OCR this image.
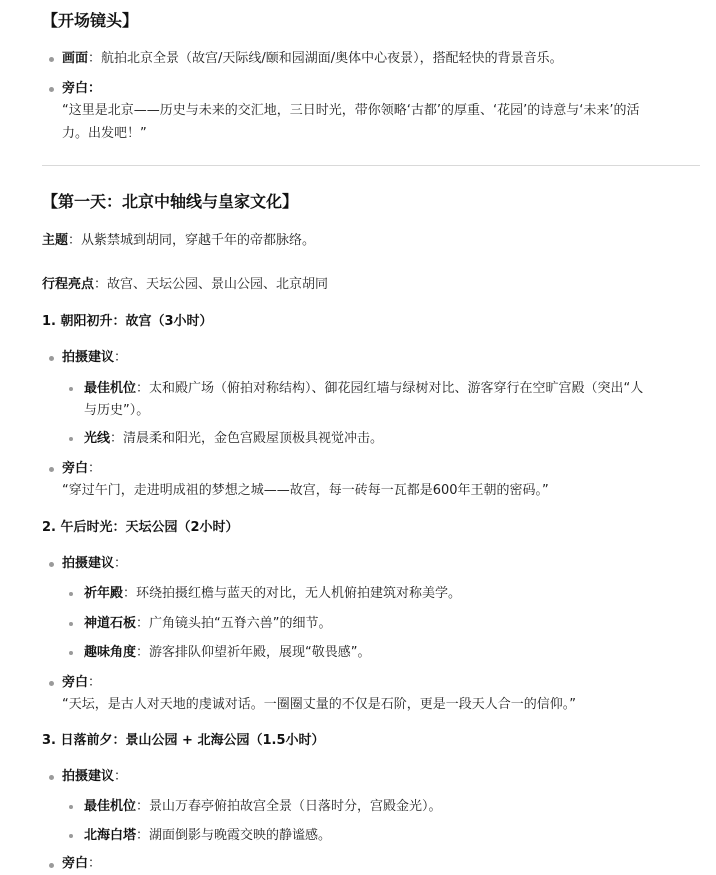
【开场镜头】
画面：航拍北京全景（故宫/天际线/颐和园湖面/奥体中心夜景），搭配轻快的背景音乐。
旁白：
“这里是北京——历史与未来的交汇地，三日时光，带你领略‘古都’的厚重、‘花园’的诗意与‘未来’的活
力。出发吧！”
【第一天：北京中轴线与皇家文化】
主题：从紫禁城到胡同，穿越千年的帝都脉络。
行程亮点：故宫、天坛公园、景山公园、北京胡同
1. 朝阳初升：故宫（3小时）
拍摄建议：
最佳机位：太和殿广场（俯拍对称结构）、御花园红墙与绿树对比、游客穿行在空旷宫殿（突出“人
与历史”）。
光线：清晨柔和阳光，金色宫殿屋顶极具视觉冲击。
旁白：
“穿过午门，走进明成祖的梦想之城——故宫，每一砖每一瓦都是600年王朝的密码。”
2. 午后时光：天坛公园（2小时）
拍摄建议：
祈年殿：环绕拍摄红檐与蓝天的对比，无人机俯拍建筑对称美学。
神道石板：广角镜头拍“五脊六兽”的细节。
趣味角度：游客排队仰望祈年殿，展现“敬畏感”。
旁白：
“天坛，是古人对天地的虔诚对话。一圈圈丈量的不仅是石阶，更是一段天人合一的信仰。”
3. 日落前夕：景山公园 + 北海公园（1.5小时）
拍摄建议：
最佳机位：景山万春亭俯拍故宫全景（日落时分，宫殿金光）。
北海白塔：湖面倒影与晚霞交映的静谧感。
旁白：
